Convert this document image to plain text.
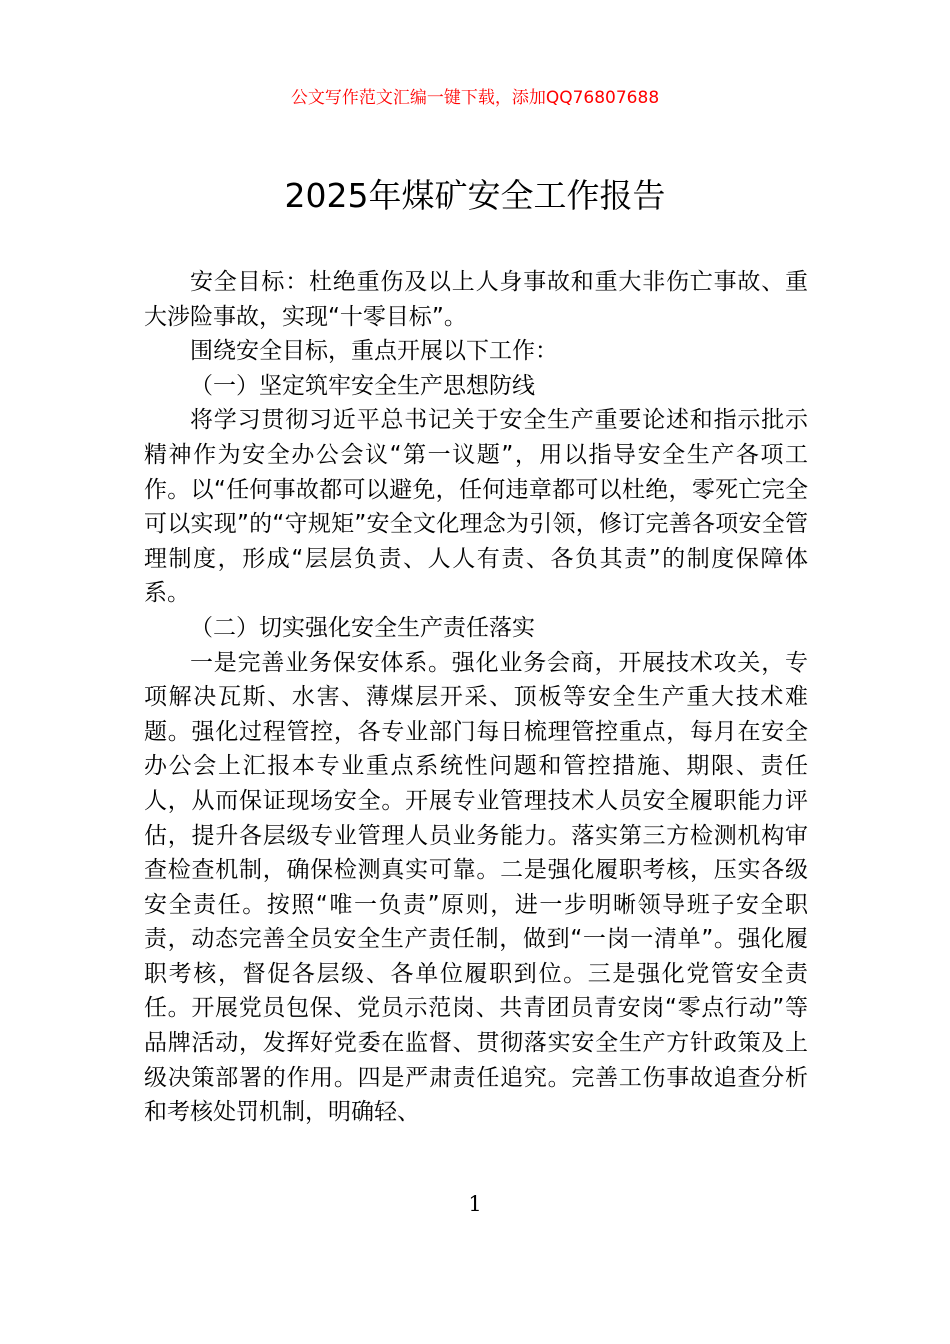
公文写作范文汇编一键下载，添加QQ76807688
2025年煤矿安全工作报告

安全目标：杜绝重伤及以上人身事故和重大非伤亡事故、重大涉险事故，实现“十零目标”。

围绕安全目标，重点开展以下工作：

（一）坚定筑牢安全生产思想防线

将学习贯彻习近平总书记关于安全生产重要论述和指示批示精神作为安全办公会议“第一议题”，用以指导安全生产各项工作。以“任何事故都可以避免，任何违章都可以杜绝，零死亡完全可以实现”的“守规矩”安全文化理念为引领，修订完善各项安全管理制度，形成“层层负责、人人有责、各负其责”的制度保障体系。

（二）切实强化安全生产责任落实

一是完善业务保安体系。强化业务会商，开展技术攻关，专项解决瓦斯、水害、薄煤层开采、顶板等安全生产重大技术难题。强化过程管控，各专业部门每日梳理管控重点，每月在安全办公会上汇报本专业重点系统性问题和管控措施、期限、责任人，从而保证现场安全。开展专业管理技术人员安全履职能力评估，提升各层级专业管理人员业务能力。落实第三方检测机构审查检查机制，确保检测真实可靠。二是强化履职考核，压实各级安全责任。按照“唯一负责”原则，进一步明晰领导班子安全职责，动态完善全员安全生产责任制，做到“一岗一清单”。强化履职考核，督促各层级、各单位履职到位。三是强化党管安全责任。开展党员包保、党员示范岗、共青团员青安岗“零点行动”等品牌活动，发挥好党委在监督、贯彻落实安全生产方针政策及上级决策部署的作用。四是严肃责任追究。完善工伤事故追查分析和考核处罚机制，明确轻、

1
